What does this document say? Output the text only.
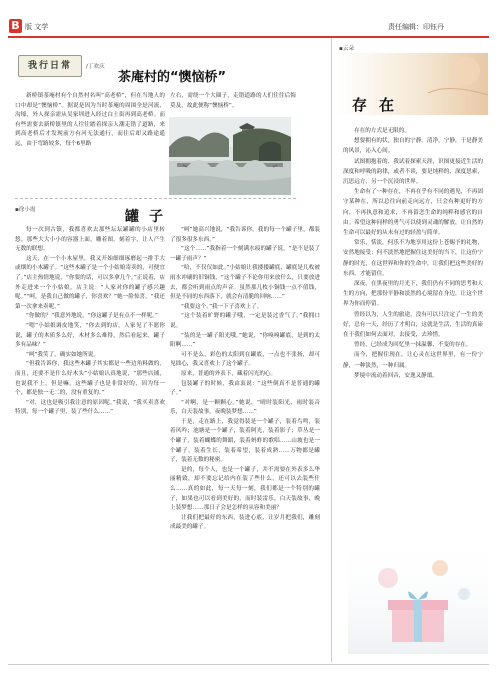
B 版 文学	责任编辑：印钰丹
我行日常	/丁欢庆
茶庵村的“懊恼桥”

新桥镇茶庵村有个自然村名叫“高老桥”，但在当地人的口中却是“懊恼桥”。据说是因为当时茶庵的周围全是河流、沟壕，外人探亲需从吴家圳进入经过白土街再到高老桥。而有些需要去新桥镇里的人往往踏着探亲人潮走错了道路，来到高老桥后才发现前方有河无法通行，而往后却又路途遥远，由于弯路较多，每个6里路

左右，需绕一个大圈子，走错道路的人们往往后悔莫及，故此便称“懊恼桥”。

▪徐小霞	罐子

每一次到古镇，我都喜欢去那些坛坛罐罐的小店里转悠。那些大大小小的容器上面，雕着图，刻着字，让人产生无数的联想。

这天，在一个小木屋里，我又开始细细琢磨起一排手大或烟的小木罐子。“这些木罐子是一个小姑娘寄卖的，可便宜了。”店主热情地说，“你要的话，可以多拿几个。”正说着，店外走进来一个小姑娘，店主说：“人家对你的罐子感兴趣呢。”“呵，是我自己做的罐子，你喜欢？”她一脸惊喜，“我还第一次拿来卖呢。”

“你做的？”我意外地说，“你这罐子是有点不一样呢。”

“嗯”小姑娘调皮地笑，“你去到的店，人家见了不愿你说，罐子的木质多么好，木材多么难得，然后看起来，罐子多有品味？”

“呵”我笑了，确实如她所说。

“但我告诉你，我这些木罐子其实都是一些边角料做的，而且，还要不是什么好木头”小姑娘认真地说，“那些店铺，也说我不上，但是嘛，这些罐子也是非常好的，因为每一个，都是独一无二的，没有重复的。”

“对，这也是吸引我注意的原因呢。”我说，“我买卖喜欢特别，每一个罐子里，装了些什么……”

“呵”她高兴地说，“我告诉你，我的每一个罐子里，都装了很多很多东西。”

“这个……”我指着一个刻满水痕的罐子说，“是不是装了一罐子雨声？”

“哈，不仅仅如此。”小姑娘让我搂搂罐底，罐底是几枚被雨水冲刷的旧铜钱，“这个罐子不论你用来放什么，只要放进去，都会听到雨点的声音。虽然那几枚小铜钱一点不值钱，但是不同的东西落下，就会有清脆的回响……”

“我要这个。”我一下子喜欢上了。

“这个装着旷野的罐子哦，一定是装过香气了。”我拥口说。

“装的是一罐子阳光哦。”她说，“你嗅嗅罐底，是到的太阳啊……”

可不是么，彩色的太阳到在罐底，一点也不张扬，却可见拙心，我又喜欢上了这个罐子。

原来，普通的外表下，藏着闪光的心。

包装罐子的时候，我由衷说：“这些倒真不是普通的罐子。”

“对啊，是一颗颗心。”她说，“晴时装阳光，雨时装音乐，白天装故事，夜晚装梦想……”

于是，走在路上，我觉得装是一个罐子，装着鸟鸣，装着风吟；池塘是一个罐子，装着阿光，装着影子；草丛是一个罐子，装着蝴蝶的舞蹈，装着蚂蚱的歌唱……山坡也是一个罐子，装着生长，装着希望，装着成熟……万物都是罐子，装着无数的秘密。

是的，每个人，也是一个罐子，并不需要在外表多么华丽精致，却不要忘记给内在装了些什么，还可以去装些什么……真的如此，每一天每一刻，我们都是一个特别的罐子，如果也可以看到美好的，而时装雷乐，白天装故事，晚上装梦想……那日子会是怎样的从容和美丽？

让我们把最好的东西，装进心底，让岁月把我们，雕刻成最美的罐子。

▪云朵
存在

存在的方式是无限的。

想要拥有的状，独自的宁静，清净，宁静，于是静美的风景，沁入心间。

试图拥抱着的、我试着探索天涯，识图更接近生活的深度和呼吸的韵律，或者不谈，要是纯粹的、深度思索，沉思远方，另一个沉浸的世界。

生命有了一种存在，不再在乎有不同的遇见，不再固守某种在，所以总往向前走向远方，只会有种更好的方向，不再执意和追求，不再留恋生命的纯粹和感官的自由。希望这种同样的勇气可以使到灵魂的解放，让自然的生命可以最好的从未有过的轻盈与简单。

常乐，恬淡，何乐不为地享用这份上苍赐予的礼物，安然地接受；何不淡然地把握住这美好的当下，让这份宁静的时光，在这世界和你的生命中，让我们把这些美好的东西，才能留住。

深夜，在黑夜里的月光下，我们仍有不同的思考和人生的方向，把那份平静和淡然的心境留在身边，让这个世界为你而停留。

曾经以为，人生的旅途，没有可以只注定了一生的美好，总有一天，经历了才明白，这就是生活，生活的真谛在于我们如何去面对，去接受，去珍惜。

曾经，已经成为回忆里一抹温馨，不变的存在。

而今，把握住现在，让心灵在这世界里，有一份宁静，一种淡然，一种归属。

梦境中流动着回音，安逸又静谧。
